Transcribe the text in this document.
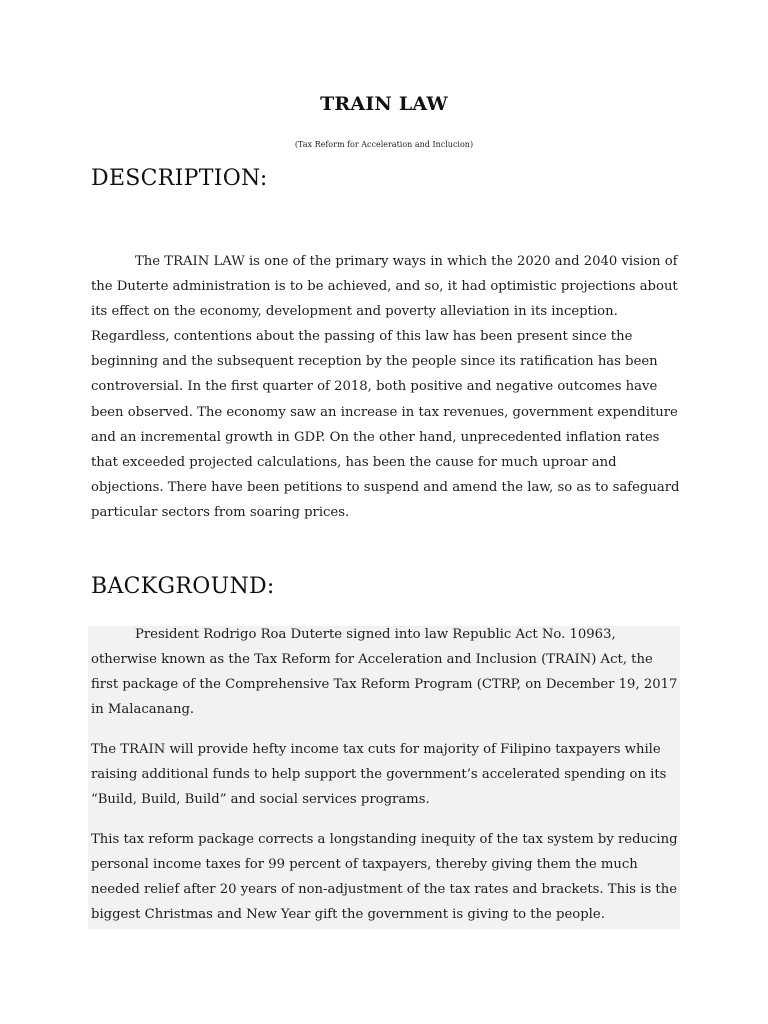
TRAIN LAW
(Tax Reform for Acceleration and Inclucion)
DESCRIPTION:

The TRAIN LAW is one of the primary ways in which the 2020 and 2040 vision of the Duterte administration is to be achieved, and so, it had optimistic projections about its effect on the economy, development and poverty alleviation in its inception. Regardless, contentions about the passing of this law has been present since the beginning and the subsequent reception by the people since its ratification has been controversial. In the first quarter of 2018, both positive and negative outcomes have been observed. The economy saw an increase in tax revenues, government expenditure and an incremental growth in GDP. On the other hand, unprecedented inflation rates that exceeded projected calculations, has been the cause for much uproar and objections. There have been petitions to suspend and amend the law, so as to safeguard particular sectors from soaring prices.

BACKGROUND:

President Rodrigo Roa Duterte signed into law Republic Act No. 10963, otherwise known as the Tax Reform for Acceleration and Inclusion (TRAIN) Act, the first package of the Comprehensive Tax Reform Program (CTRP, on December 19, 2017 in Malacanang.

The TRAIN will provide hefty income tax cuts for majority of Filipino taxpayers while raising additional funds to help support the government’s accelerated spending on its “Build, Build, Build” and social services programs.

This tax reform package corrects a longstanding inequity of the tax system by reducing personal income taxes for 99 percent of taxpayers, thereby giving them the much needed relief after 20 years of non-adjustment of the tax rates and brackets. This is the biggest Christmas and New Year gift the government is giving to the people.
